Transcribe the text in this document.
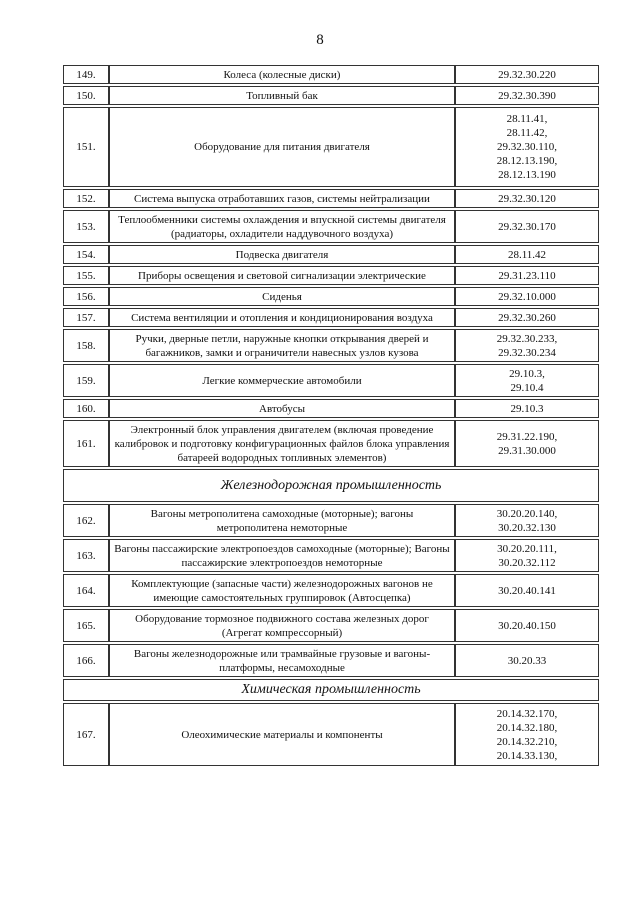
8
149.	Колеса (колесные диски)	29.32.30.220

150.	Топливный бак	29.32.30.390

151.	Оборудование для питания двигателя	28.11.41,
28.11.42,
29.32.30.110,
28.12.13.190,
28.12.13.190

152.	Система выпуска отработавших газов, системы нейтрализации	29.32.30.120

153.	Теплообменники системы охлаждения и впускной системы двигателя (радиаторы, охладители наддувочного воздуха)	29.32.30.170

154.	Подвеска двигателя	28.11.42

155.	Приборы освещения и световой сигнализации электрические	29.31.23.110

156.	Сиденья	29.32.10.000

157.	Система вентиляции и отопления и кондиционирования воздуха	29.32.30.260

158.	Ручки, дверные петли, наружные кнопки открывания дверей и багажников, замки и ограничители навесных узлов кузова	29.32.30.233,
29.32.30.234

159.	Легкие коммерческие автомобили	29.10.3,
29.10.4

160.	Автобусы	29.10.3

161.	Электронный блок управления двигателем (включая проведение калибровок и подготовку конфигурационных файлов блока управления батареей водородных топливных элементов)	29.31.22.190,
29.31.30.000

Железнодорожная промышленность		
162.	Вагоны метрополитена самоходные (моторные); вагоны метрополитена немоторные	30.20.20.140,
30.20.32.130

163.	Вагоны пассажирские электропоездов самоходные (моторные); Вагоны пассажирские электропоездов немоторные	30.20.20.111,
30.20.32.112

164.	Комплектующие (запасные части) железнодорожных вагонов не имеющие самостоятельных группировок (Автосцепка)	30.20.40.141

165.	Оборудование тормозное подвижного состава железных дорог (Агрегат компрессорный)	30.20.40.150

166.	Вагоны железнодорожные или трамвайные грузовые и вагоны-платформы, несамоходные	30.20.33

Химическая промышленность		
167.	Олеохимические материалы и компоненты	20.14.32.170,
20.14.32.180,
20.14.32.210,
20.14.33.130,
